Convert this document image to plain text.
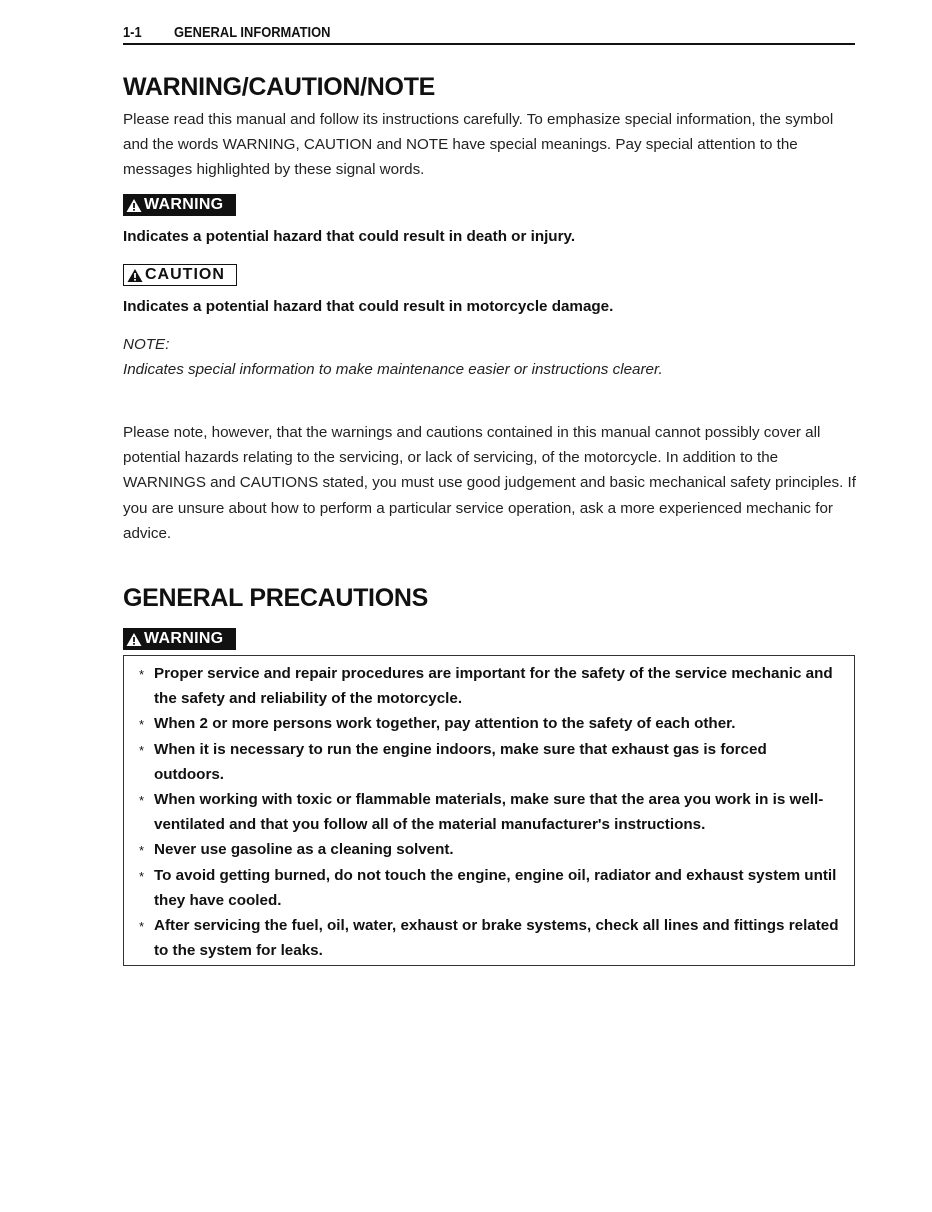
1-1 GENERAL INFORMATION
WARNING/CAUTION/NOTE

Please read this manual and follow its instructions carefully. To emphasize special information, the symbol and the words WARNING, CAUTION and NOTE have special meanings. Pay special attention to the messages highlighted by these signal words.

WARNING

Indicates a potential hazard that could result in death or injury.

CAUTION

Indicates a potential hazard that could result in motorcycle damage.

NOTE:

Indicates special information to make maintenance easier or instructions clearer.

Please note, however, that the warnings and cautions contained in this manual cannot possibly cover all potential hazards relating to the servicing, or lack of servicing, of the motorcycle. In addition to the WARNINGS and CAUTIONS stated, you must use good judgement and basic mechanical safety principles. If you are unsure about how to perform a particular service operation, ask a more experienced mechanic for advice.

GENERAL PRECAUTIONS
WARNING
* Proper service and repair procedures are important for the safety of the service mechanic and the safety and reliability of the motorcycle.
* When 2 or more persons work together, pay attention to the safety of each other.
* When it is necessary to run the engine indoors, make sure that exhaust gas is forced outdoors.
* When working with toxic or flammable materials, make sure that the area you work in is well-ventilated and that you follow all of the material manufacturer's instructions.
* Never use gasoline as a cleaning solvent.
* To avoid getting burned, do not touch the engine, engine oil, radiator and exhaust system until they have cooled.
* After servicing the fuel, oil, water, exhaust or brake systems, check all lines and fittings related to the system for leaks.
